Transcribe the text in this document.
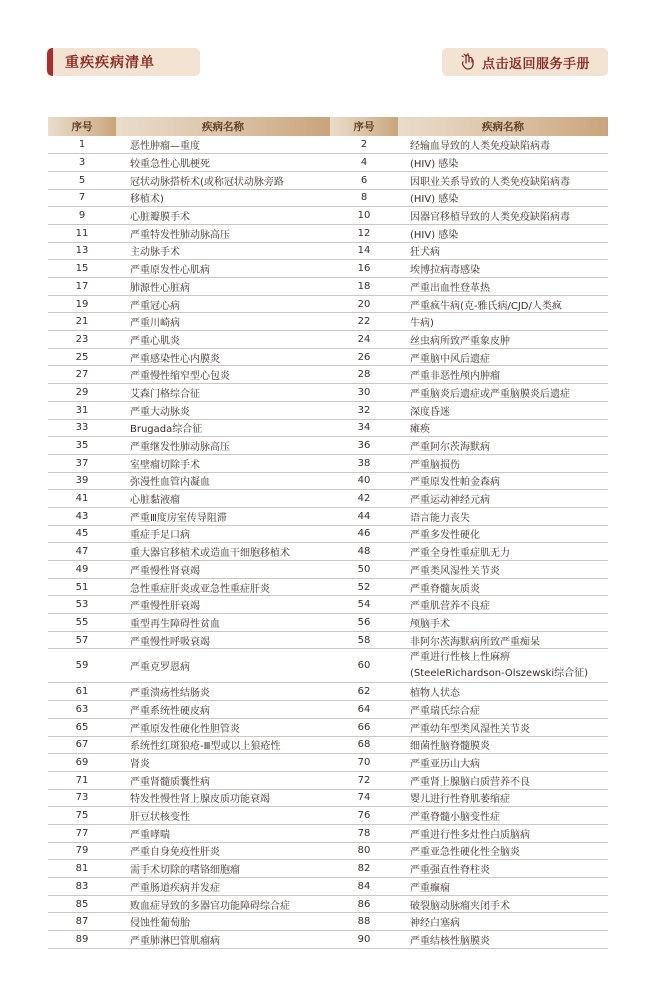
重疾疾病清单	点击返回服务手册
序号	疾病名称	序号	疾病名称
1	恶性肿瘤—重度	2	经输血导致的人类免疫缺陷病毒
3	较重急性心肌梗死	4	(HIV) 感染
5	冠状动脉搭桥术(或称冠状动脉旁路	6	因职业关系导致的人类免疫缺陷病毒
7	移植术)	8	(HIV) 感染
9	心脏瓣膜手术	10	因器官移植导致的人类免疫缺陷病毒
11	严重特发性肺动脉高压	12	(HIV) 感染
13	主动脉手术	14	狂犬病
15	严重原发性心肌病	16	埃博拉病毒感染
17	肺源性心脏病	18	严重出血性登革热
19	严重冠心病	20	严重疯牛病(克-雅氏病/CJD/人类疯
21	严重川崎病	22	牛病)
23	严重心肌炎	24	丝虫病所致严重象皮肿
25	严重感染性心内膜炎	26	严重脑中风后遗症
27	严重慢性缩窄型心包炎	28	严重非恶性颅内肿瘤
29	艾森门格综合征	30	严重脑炎后遗症或严重脑膜炎后遗症
31	严重大动脉炎	32	深度昏迷
33	Brugada综合征	34	瘫痪
35	严重继发性肺动脉高压	36	严重阿尔茨海默病
37	室壁瘤切除手术	38	严重脑损伤
39	弥漫性血管内凝血	40	严重原发性帕金森病
41	心脏黏液瘤	42	严重运动神经元病
43	严重Ⅲ度房室传导阻滞	44	语言能力丧失
45	重症手足口病	46	严重多发性硬化
47	重大器官移植术或造血干细胞移植术	48	严重全身性重症肌无力
49	严重慢性肾衰竭	50	严重类风湿性关节炎
51	急性重症肝炎或亚急性重症肝炎	52	严重脊髓灰质炎
53	严重慢性肝衰竭	54	严重肌营养不良症
55	重型再生障碍性贫血	56	颅脑手术
57	严重慢性呼吸衰竭	58	非阿尔茨海默病所致严重痴呆
59	严重克罗恩病	60	严重进行性核上性麻痹
(SteeleRichardson-Olszewski综合征)

61	严重溃疡性结肠炎	62	植物人状态
63	严重系统性硬皮病	64	严重瑞氏综合症
65	严重原发性硬化性胆管炎	66	严重幼年型类风湿性关节炎
67	系统性红斑狼疮-Ⅲ型或以上狼疮性	68	细菌性脑脊髓膜炎
69	肾炎	70	严重亚历山大病
71	严重肾髓质囊性病	72	严重肾上腺脑白质营养不良
73	特发性慢性肾上腺皮质功能衰竭	74	婴儿进行性脊肌萎缩症
75	肝豆状核变性	76	严重脊髓小脑变性症
77	严重哮喘	78	严重进行性多灶性白质脑病
79	严重自身免疫性肝炎	80	严重亚急性硬化性全脑炎
81	需手术切除的嗜铬细胞瘤	82	严重强直性脊柱炎
83	严重肠道疾病并发症	84	严重癫痫
85	败血症导致的多器官功能障碍综合症	86	破裂脑动脉瘤夹闭手术
87	侵蚀性葡萄胎	88	神经白塞病
89	严重肺淋巴管肌瘤病	90	严重结核性脑膜炎
